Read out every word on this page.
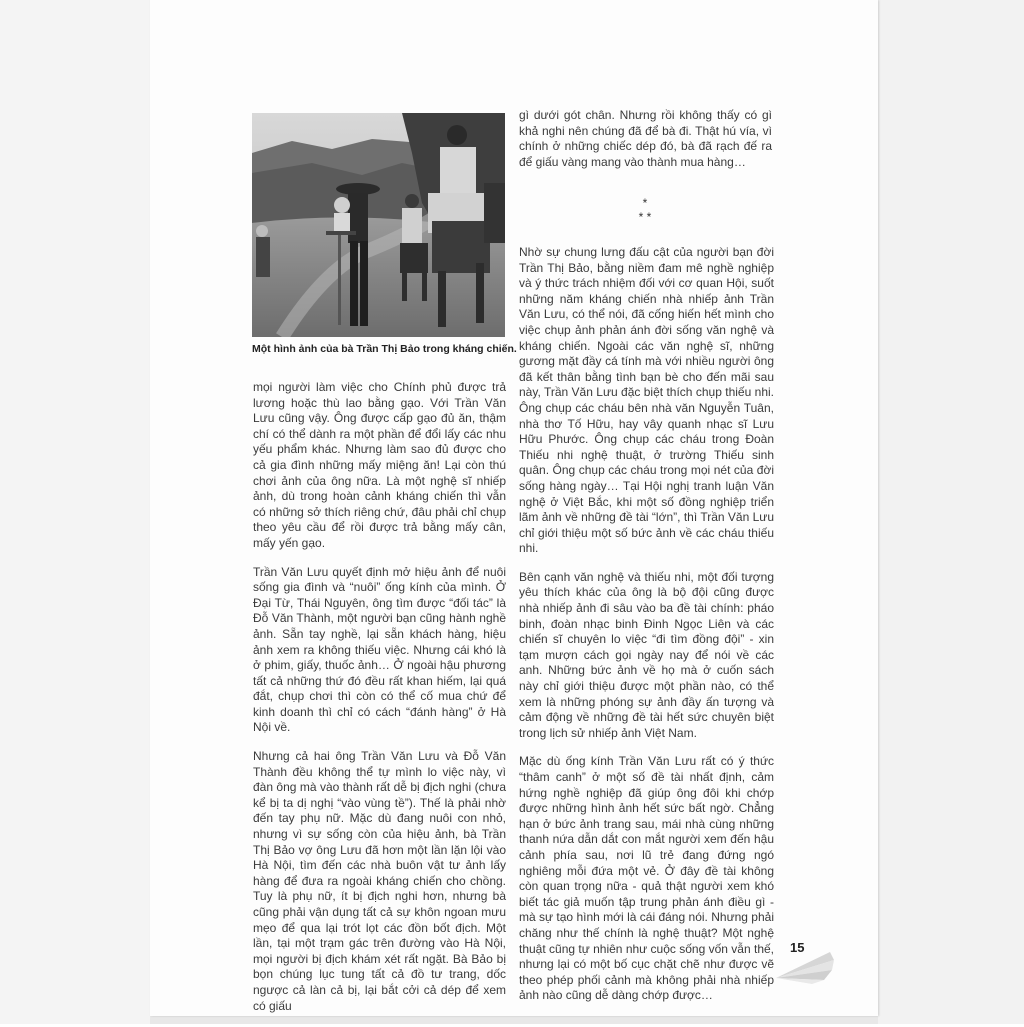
Một hình ảnh của bà Trần Thị Bảo trong kháng chiến.

mọi người làm việc cho Chính phủ được trả lương hoặc thù lao bằng gạo. Với Trần Văn Lưu cũng vậy. Ông được cấp gạo đủ ăn, thậm chí có thể dành ra một phần để đổi lấy các nhu yếu phẩm khác. Nhưng làm sao đủ được cho cả gia đình những mấy miệng ăn! Lại còn thú chơi ảnh của ông nữa. Là một nghệ sĩ nhiếp ảnh, dù trong hoàn cảnh kháng chiến thì vẫn có những sở thích riêng chứ, đâu phải chỉ chụp theo yêu cầu để rồi được trả bằng mấy cân, mấy yến gạo.

Trần Văn Lưu quyết định mở hiệu ảnh để nuôi sống gia đình và “nuôi” ống kính của mình. Ở Đại Từ, Thái Nguyên, ông tìm được “đối tác” là Đỗ Văn Thành, một người bạn cũng hành nghề ảnh. Sẵn tay nghề, lại sẵn khách hàng, hiệu ảnh xem ra không thiếu việc. Nhưng cái khó là ở phim, giấy, thuốc ảnh… Ở ngoài hậu phương tất cả những thứ đó đều rất khan hiếm, lại quá đắt, chụp chơi thì còn có thể cố mua chứ để kinh doanh thì chỉ có cách “đánh hàng” ở Hà Nội về.

Nhưng cả hai ông Trần Văn Lưu và Đỗ Văn Thành đều không thể tự mình lo việc này, vì đàn ông mà vào thành rất dễ bị địch nghi (chưa kể bị ta dị nghị “vào vùng tề”). Thế là phải nhờ đến tay phụ nữ. Mặc dù đang nuôi con nhỏ, nhưng vì sự sống còn của hiệu ảnh, bà Trần Thị Bảo vợ ông Lưu đã hơn một lần lặn lội vào Hà Nội, tìm đến các nhà buôn vật tư ảnh lấy hàng để đưa ra ngoài kháng chiến cho chồng. Tuy là phụ nữ, ít bị địch nghi hơn, nhưng bà cũng phải vận dụng tất cả sự khôn ngoan mưu mẹo để qua lại trót lọt các đồn bốt địch. Một lần, tại một trạm gác trên đường vào Hà Nội, mọi người bị địch khám xét rất ngặt. Bà Bảo bị bọn chúng lục tung tất cả đồ tư trang, dốc ngược cả làn cả bị, lại bắt cởi cả dép để xem có giấu

gì dưới gót chân. Nhưng rồi không thấy có gì khả nghi nên chúng đã để bà đi. Thật hú vía, vì chính ở những chiếc dép đó, bà đã rạch đế ra để giấu vàng mang vào thành mua hàng…

*
* *

Nhờ sự chung lưng đấu cật của người bạn đời Trần Thị Bảo, bằng niềm đam mê nghề nghiệp và ý thức trách nhiệm đối với cơ quan Hội, suốt những năm kháng chiến nhà nhiếp ảnh Trần Văn Lưu, có thể nói, đã cống hiến hết mình cho việc chụp ảnh phản ánh đời sống văn nghệ và kháng chiến. Ngoài các văn nghệ sĩ, những gương mặt đầy cá tính mà với nhiều người ông đã kết thân bằng tình bạn bè cho đến mãi sau này, Trần Văn Lưu đặc biệt thích chụp thiếu nhi. Ông chụp các cháu bên nhà văn Nguyễn Tuân, nhà thơ Tố Hữu, hay vây quanh nhạc sĩ Lưu Hữu Phước. Ông chụp các cháu trong Đoàn Thiếu nhi nghệ thuật, ở trường Thiếu sinh quân. Ông chụp các cháu trong mọi nét của đời sống hàng ngày… Tại Hội nghị tranh luận Văn nghệ ở Việt Bắc, khi một số đồng nghiệp triển lãm ảnh về những đề tài “lớn”, thì Trần Văn Lưu chỉ giới thiệu một số bức ảnh về các cháu thiếu nhi.

Bên cạnh văn nghệ và thiếu nhi, một đối tượng yêu thích khác của ông là bộ đội cũng được nhà nhiếp ảnh đi sâu vào ba đề tài chính: pháo binh, đoàn nhạc binh Đinh Ngọc Liên và các chiến sĩ chuyên lo việc “đi tìm đồng đội” - xin tạm mượn cách gọi ngày nay để nói về các anh. Những bức ảnh về họ mà ở cuốn sách này chỉ giới thiệu được một phần nào, có thể xem là những phóng sự ảnh đầy ấn tượng và cảm động về những đề tài hết sức chuyên biệt trong lịch sử nhiếp ảnh Việt Nam.

Mặc dù ống kính Trần Văn Lưu rất có ý thức “thâm canh” ở một số đề tài nhất định, cảm hứng nghề nghiệp đã giúp ông đôi khi chớp được những hình ảnh hết sức bất ngờ. Chẳng hạn ở bức ảnh trang sau, mái nhà cùng những thanh nứa dẫn dắt con mắt người xem đến hậu cảnh phía sau, nơi lũ trẻ đang đứng ngó nghiêng mỗi đứa một vẻ. Ở đây đề tài không còn quan trọng nữa - quả thật người xem khó biết tác giả muốn tập trung phản ánh điều gì - mà sự tạo hình mới là cái đáng nói. Nhưng phải chăng như thế chính là nghệ thuật? Một nghệ thuật cũng tự nhiên như cuộc sống vốn vẫn thế, nhưng lại có một bố cục chặt chẽ như được vẽ theo phép phối cảnh mà không phải nhà nhiếp ảnh nào cũng dễ dàng chớp được…

15
